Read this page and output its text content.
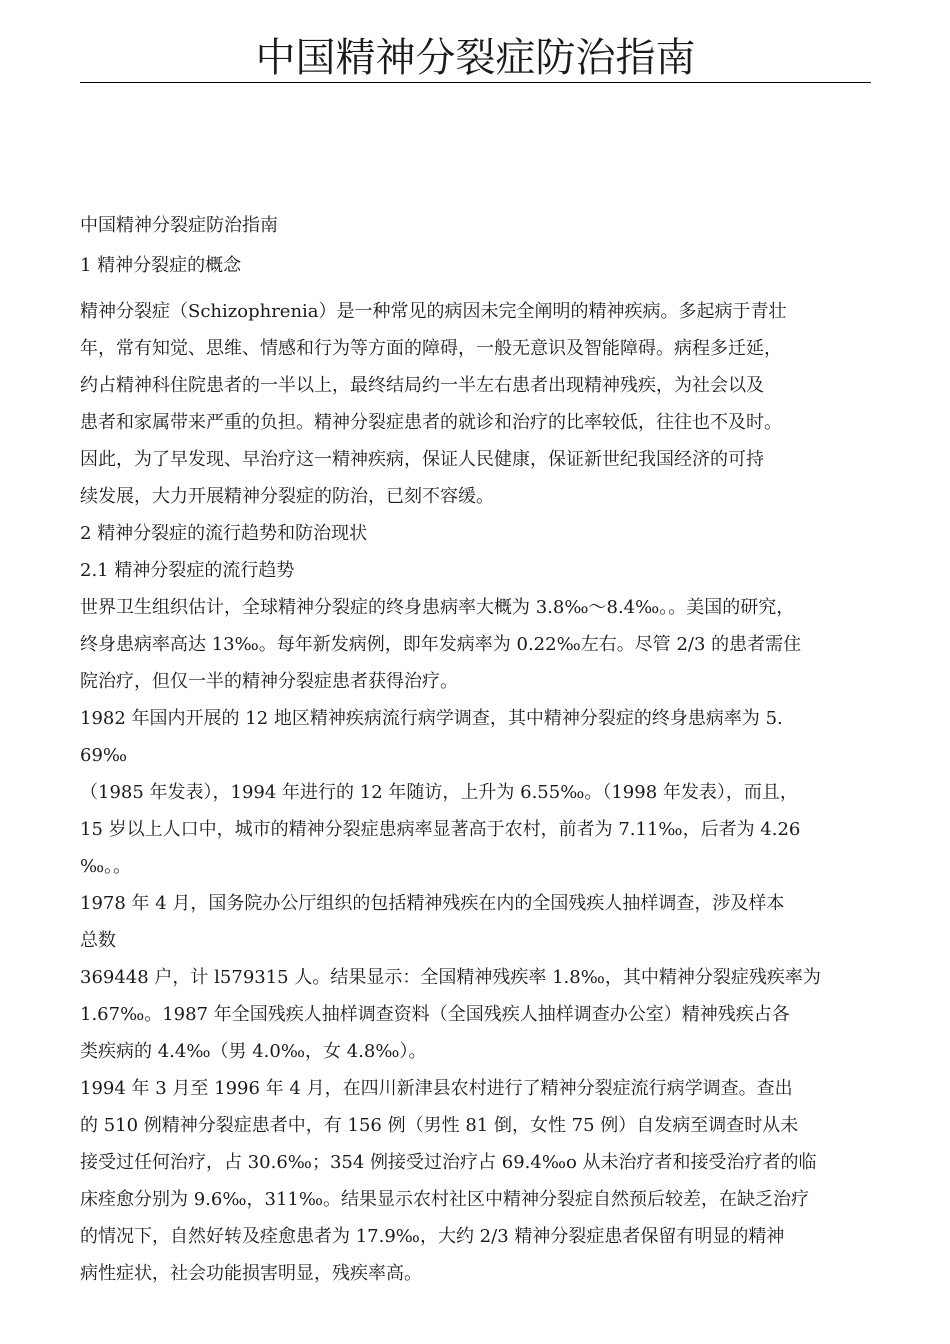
中国精神分裂症防治指南

中国精神分裂症防治指南

1 精神分裂症的概念

精神分裂症（Schizophrenia）是一种常见的病因未完全阐明的精神疾病。多起病于青壮
年，常有知觉、思维、情感和行为等方面的障碍，一般无意识及智能障碍。病程多迁延，
约占精神科住院患者的一半以上，最终结局约一半左右患者出现精神残疾，为社会以及
患者和家属带来严重的负担。精神分裂症患者的就诊和治疗的比率较低，往往也不及时。
因此，为了早发现、早治疗这一精神疾病，保证人民健康，保证新世纪我国经济的可持
续发展，大力开展精神分裂症的防治，已刻不容缓。

2 精神分裂症的流行趋势和防治现状

2.1 精神分裂症的流行趋势

世界卫生组织估计，全球精神分裂症的终身患病率大概为 3.8‰～8.4‰。。美国的研究，
终身患病率高达 13‰。每年新发病例，即年发病率为 0.22‰左右。尽管 2/3 的患者需住
院治疗，但仅一半的精神分裂症患者获得治疗。
1982 年国内开展的 12 地区精神疾病流行病学调查，其中精神分裂症的终身患病率为 5.
69‰
（1985 年发表），1994 年进行的 12 年随访，上升为 6.55‰。（1998 年发表），而且，
15 岁以上人口中，城市的精神分裂症患病率显著高于农村，前者为 7.11‰，后者为 4.26
‰。。
1978 年 4 月，国务院办公厅组织的包括精神残疾在内的全国残疾人抽样调查，涉及样本
总数
369448 户，计 l579315 人。结果显示：全国精神残疾率 1.8‰，其中精神分裂症残疾率为
1.67‰。1987 年全国残疾人抽样调查资料（全国残疾人抽样调查办公室）精神残疾占各
类疾病的 4.4‰（男 4.0‰，女 4.8‰）。
1994 年 3 月至 1996 年 4 月，在四川新津县农村进行了精神分裂症流行病学调查。查出
的 510 例精神分裂症患者中，有 156 例（男性 81 倒，女性 75 例）自发病至调查时从未
接受过任何治疗，占 30.6‰；354 例接受过治疗占 69.4‰o 从未治疗者和接受治疗者的临
床痊愈分别为 9.6‰，311‰。结果显示农村社区中精神分裂症自然预后较差，在缺乏治疗
的情况下，自然好转及痊愈患者为 17.9‰，大约 2/3 精神分裂症患者保留有明显的精神
病性症状，社会功能损害明显，残疾率高。
